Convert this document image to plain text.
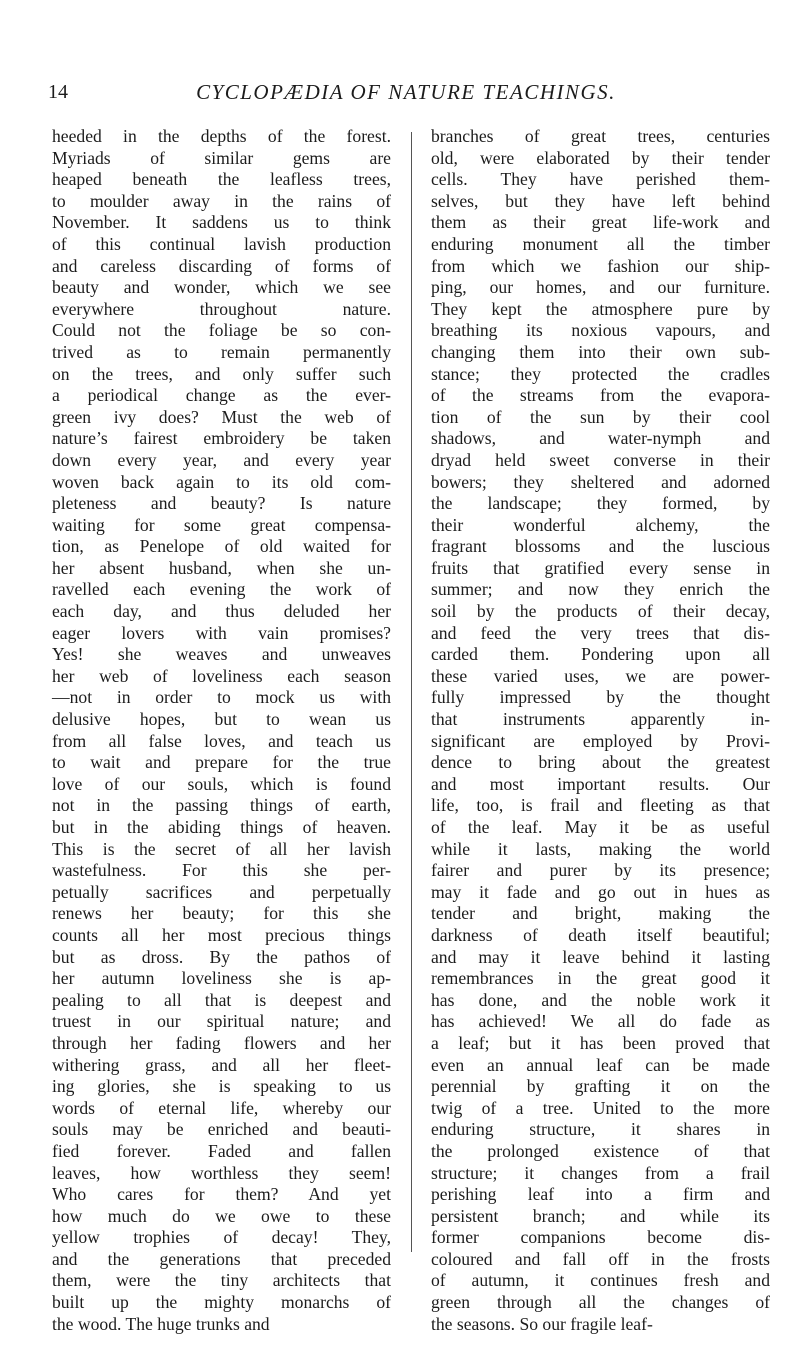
14	CYCLOPÆDIA OF NATURE TEACHINGS.
heeded in the depths of the forest.
Myriads of similar gems are
heaped beneath the leafless trees,
to moulder away in the rains of
November. It saddens us to think
of this continual lavish production
and careless discarding of forms of
beauty and wonder, which we see
everywhere throughout nature.
Could not the foliage be so con-
trived as to remain permanently
on the trees, and only suffer such
a periodical change as the ever-
green ivy does? Must the web of
nature’s fairest embroidery be taken
down every year, and every year
woven back again to its old com-
pleteness and beauty? Is nature
waiting for some great compensa-
tion, as Penelope of old waited for
her absent husband, when she un-
ravelled each evening the work of
each day, and thus deluded her
eager lovers with vain promises?
Yes! she weaves and unweaves
her web of loveliness each season
—not in order to mock us with
delusive hopes, but to wean us
from all false loves, and teach us
to wait and prepare for the true
love of our souls, which is found
not in the passing things of earth,
but in the abiding things of heaven.
This is the secret of all her lavish
wastefulness. For this she per-
petually sacrifices and perpetually
renews her beauty; for this she
counts all her most precious things
but as dross. By the pathos of
her autumn loveliness she is ap-
pealing to all that is deepest and
truest in our spiritual nature; and
through her fading flowers and her
withering grass, and all her fleet-
ing glories, she is speaking to us
words of eternal life, whereby our
souls may be enriched and beauti-
fied forever. Faded and fallen
leaves, how worthless they seem!
Who cares for them? And yet
how much do we owe to these
yellow trophies of decay! They,
and the generations that preceded
them, were the tiny architects that
built up the mighty monarchs of
the wood. The huge trunks and
branches of great trees, centuries
old, were elaborated by their tender
cells. They have perished them-
selves, but they have left behind
them as their great life-work and
enduring monument all the timber
from which we fashion our ship-
ping, our homes, and our furniture.
They kept the atmosphere pure by
breathing its noxious vapours, and
changing them into their own sub-
stance; they protected the cradles
of the streams from the evapora-
tion of the sun by their cool
shadows, and water-nymph and
dryad held sweet converse in their
bowers; they sheltered and adorned
the landscape; they formed, by
their wonderful alchemy, the
fragrant blossoms and the luscious
fruits that gratified every sense in
summer; and now they enrich the
soil by the products of their decay,
and feed the very trees that dis-
carded them. Pondering upon all
these varied uses, we are power-
fully impressed by the thought
that instruments apparently in-
significant are employed by Provi-
dence to bring about the greatest
and most important results. Our
life, too, is frail and fleeting as that
of the leaf. May it be as useful
while it lasts, making the world
fairer and purer by its presence;
may it fade and go out in hues as
tender and bright, making the
darkness of death itself beautiful;
and may it leave behind it lasting
remembrances in the great good it
has done, and the noble work it
has achieved! We all do fade as
a leaf; but it has been proved that
even an annual leaf can be made
perennial by grafting it on the
twig of a tree. United to the more
enduring structure, it shares in
the prolonged existence of that
structure; it changes from a frail
perishing leaf into a firm and
persistent branch; and while its
former companions become dis-
coloured and fall off in the frosts
of autumn, it continues fresh and
green through all the changes of
the seasons. So our fragile leaf-
